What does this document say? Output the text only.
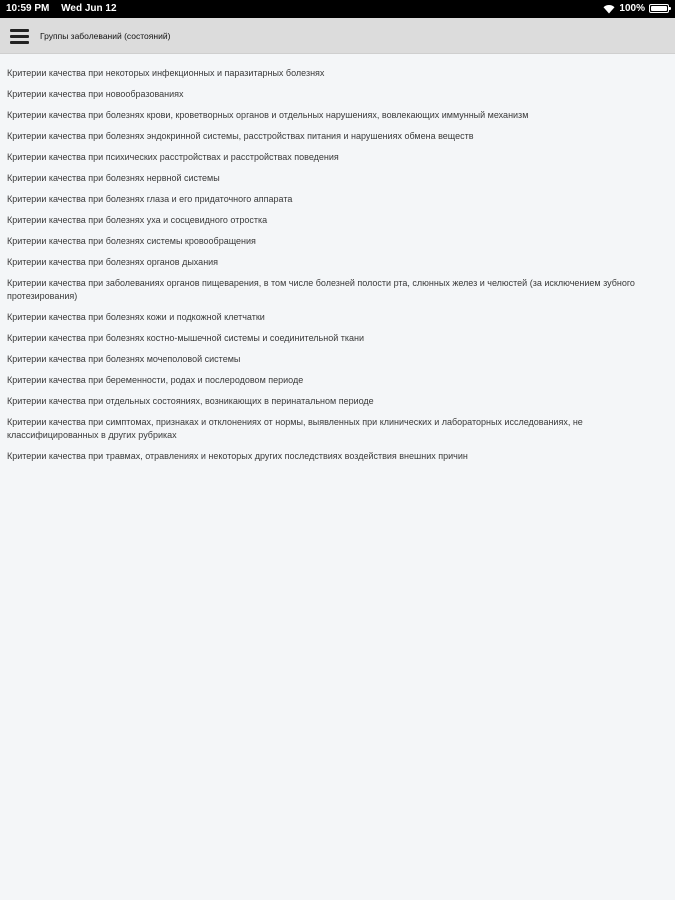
10:59 PM Wed Jun 12	100%
Группы заболеваний (состояний)
Критерии качества при некоторых инфекционных и паразитарных болезнях
Критерии качества при новообразованиях
Критерии качества при болезнях крови, кроветворных органов и отдельных нарушениях, вовлекающих иммунный механизм
Критерии качества при болезнях эндокринной системы, расстройствах питания и нарушениях обмена веществ
Критерии качества при психических расстройствах и расстройствах поведения
Критерии качества при болезнях нервной системы
Критерии качества при болезнях глаза и его придаточного аппарата
Критерии качества при болезнях уха и сосцевидного отростка
Критерии качества при болезнях системы кровообращения
Критерии качества при болезнях органов дыхания
Критерии качества при заболеваниях органов пищеварения, в том числе болезней полости рта, слюнных желез и челюстей (за исключением зубного протезирования)
Критерии качества при болезнях кожи и подкожной клетчатки
Критерии качества при болезнях костно-мышечной системы и соединительной ткани
Критерии качества при болезнях мочеполовой системы
Критерии качества при беременности, родах и послеродовом периоде
Критерии качества при отдельных состояниях, возникающих в перинатальном периоде
Критерии качества при симптомах, признаках и отклонениях от нормы, выявленных при клинических и лабораторных исследованиях, не классифицированных в других рубриках
Критерии качества при травмах, отравлениях и некоторых других последствиях воздействия внешних причин
